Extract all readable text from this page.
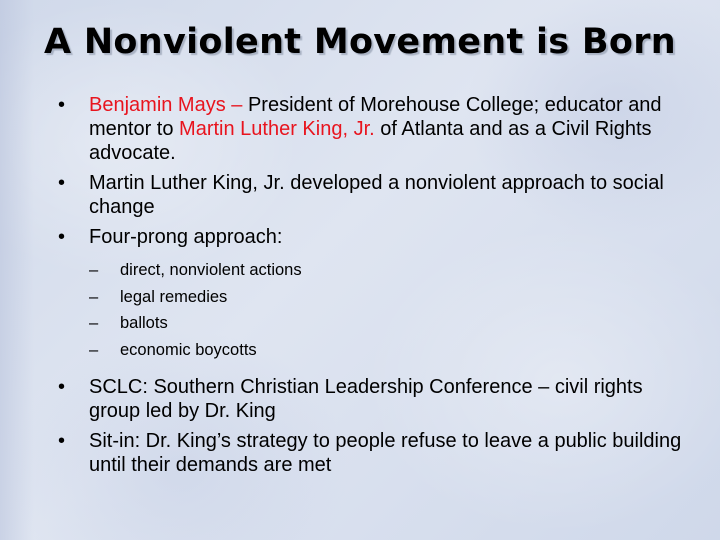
A Nonviolent Movement is Born
•	Benjamin Mays – President of Morehouse College; educator and mentor to Martin Luther King, Jr. of Atlanta and as a Civil Rights advocate.
•	Martin Luther King, Jr. developed a nonviolent approach to social change
•	Four-prong approach:
– direct, nonviolent actions
– legal remedies
– ballots
– economic boycotts
•	SCLC: Southern Christian Leadership Conference – civil rights group led by Dr. King
•	Sit-in: Dr. King’s strategy to people refuse to leave a public building until their demands are met
